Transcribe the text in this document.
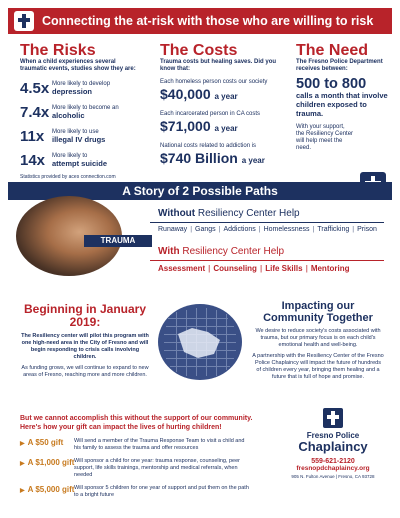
Connecting the at-risk with those who are willing to risk
The Risks
When a child experiences several traumatic events, studies show they are:
4.5x More likely to develop
depression
7.4x More likely to become an
alcoholic
11x	More likely to use
illegal IV drugs
14x	More likely to
attempt suicide
Statistics provided by aces connection.com
The Costs
Trauma costs but healing saves. Did you know that:
Each homeless person costs our society
$40,000 a year
Each incarcerated person in CA costs
$71,000 a year
National costs related to addiction is
$740 Billion a year
The Need
The Fresno Police Department receives between:
500 to 800
calls a month that involve children exposed to trauma.
With your support, the Resiliency Center will help meet the need.
A Story of 2 Possible Paths
TRAUMA
Without Resiliency Center Help
Runaway | Gangs | Addictions | Homelessness | Trafficking | Prison
With Resiliency Center Help
Assessment | Counseling | Life Skills | Mentoring
Beginning in January 2019:

The Resiliency center will pilot this program with one high-need area in the City of Fresno and will begin responding to crisis calls involving children.

As funding grows, we will continue to expand to new areas of Fresno, reaching more and more children.

Impacting our Community Together

We desire to reduce society's costs associated with trauma, but our primary focus is on each child's emotional health and well-being.

A partnership with the Resiliency Center of the Fresno Police Chaplaincy will impact the future of hundreds of children every year, bringing them healing and a future that is full of hope and promise.

But we cannot accomplish this without the support of our community. Here's how your gift can impact the lives of hurting children!
▶ A $50 gift	Will send a member of the Trauma Response Team to visit a child and his family to assess the trauma and offer resources
▶ A $1,000 gift Will sponsor a child for one year: trauma response, counseling, peer support, life skills trainings, mentorship and medical referrals, when needed
▶ A $5,000 gift Will sponsor 5 children for one year of support and put them on the path to a bright future
Fresno Police
Chaplaincy
559-621-2120
fresnopdchaplaincy.org
905 N. Fulton Avenue | Fresno, CA 93728
